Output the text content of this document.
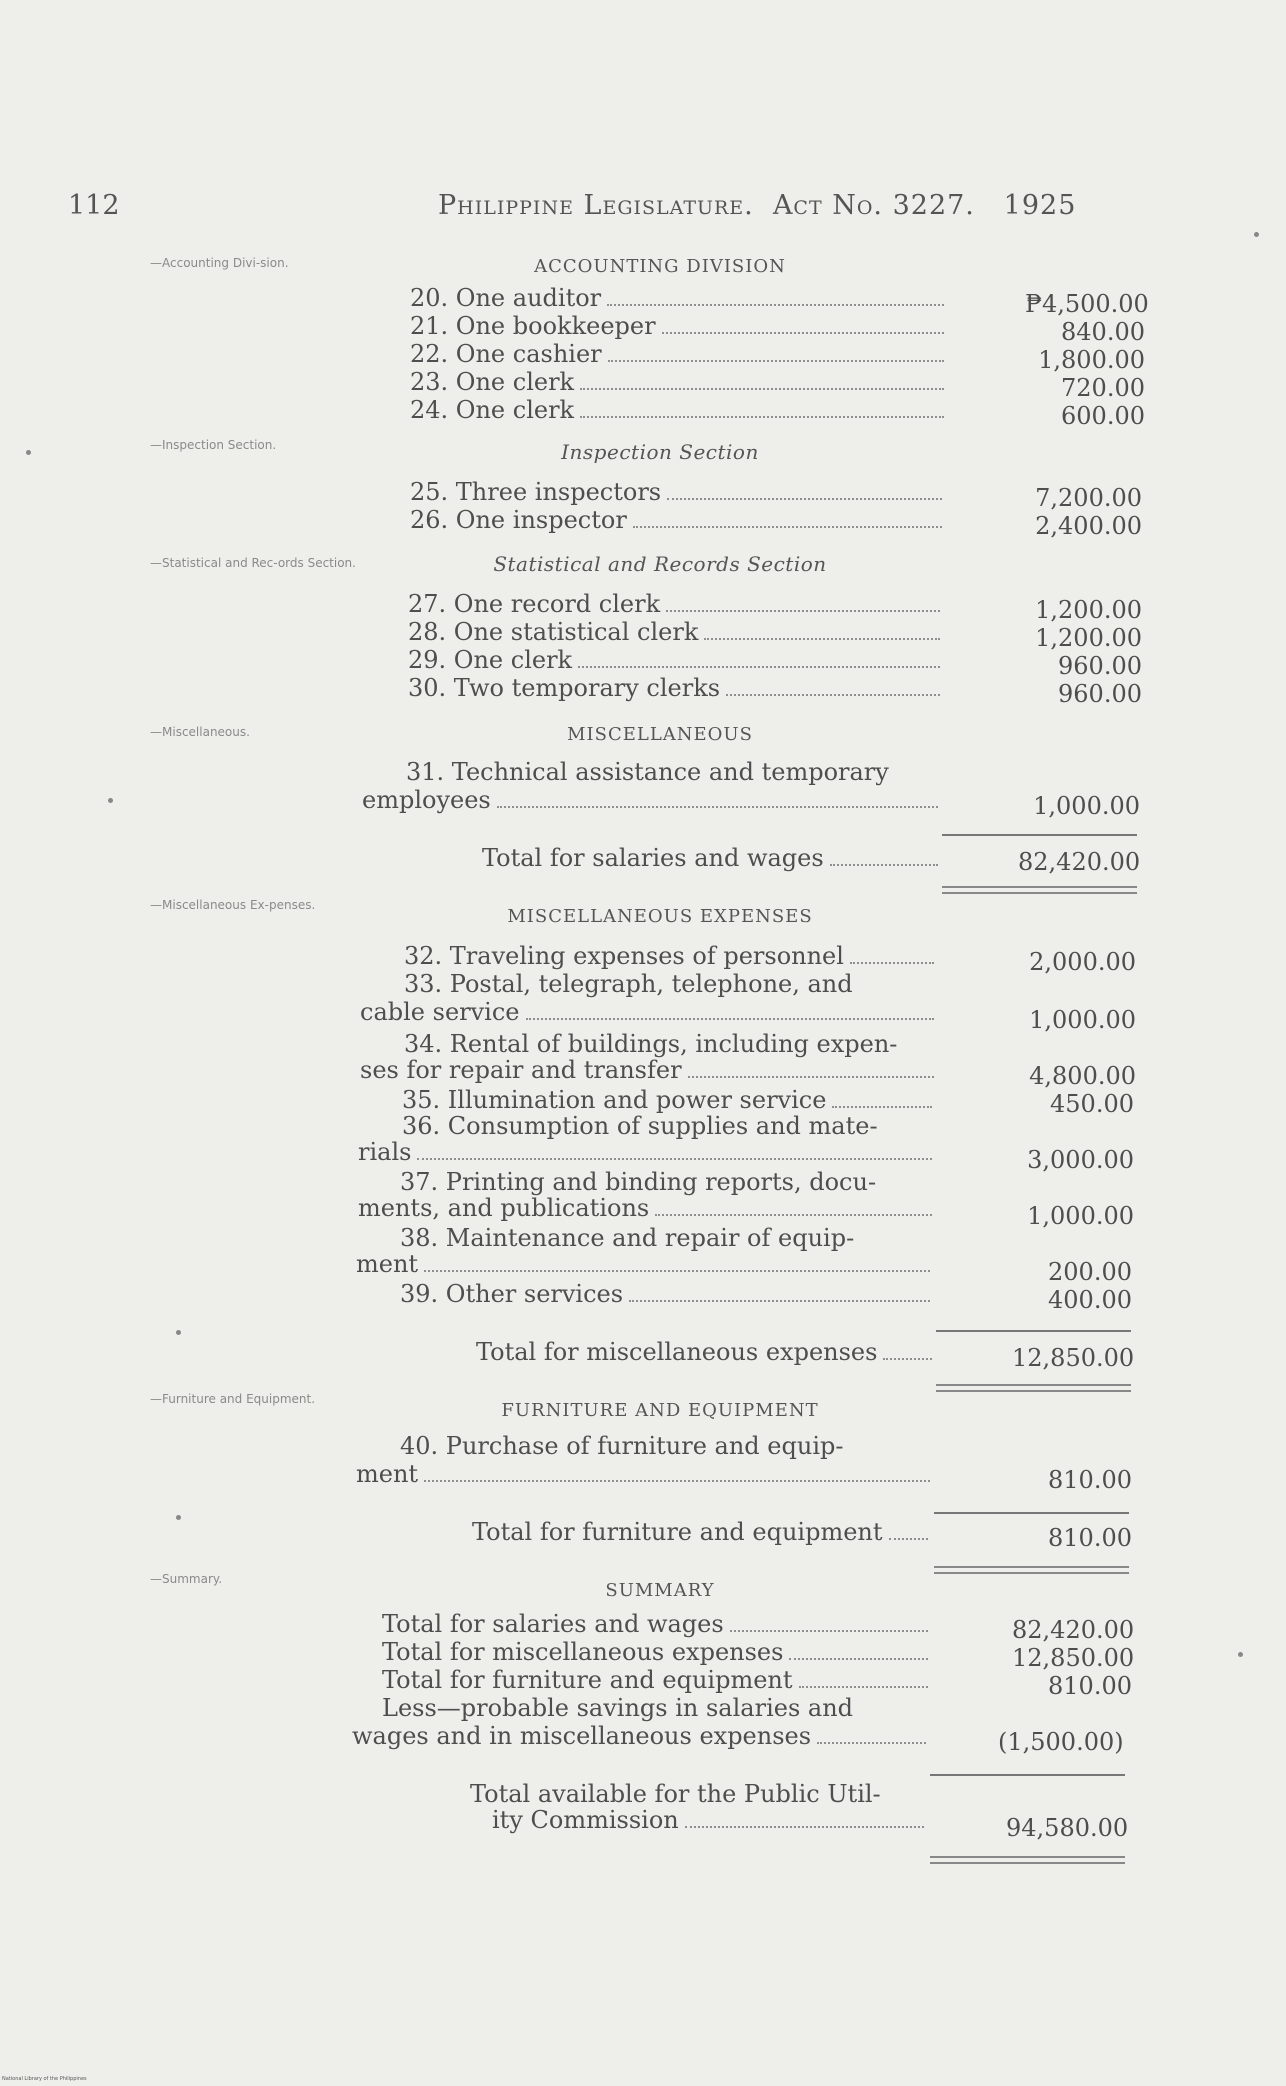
112	Philippine Legislature. Act No. 3227. 1925
—Accounting Divi-sion.
—Inspection Section.
—Statistical and Rec-ords Section.
—Miscellaneous.
—Miscellaneous Ex-penses.
—Furniture and Equipment.
—Summary.
ACCOUNTING DIVISION
20. One auditor	₱4,500.00
21. One bookkeeper	840.00
22. One cashier	1,800.00
23. One clerk	720.00
24. One clerk	600.00
Inspection Section
25. Three inspectors	7,200.00
26. One inspector	2,400.00
Statistical and Records Section
27. One record clerk	1,200.00
28. One statistical clerk	1,200.00
29. One clerk	960.00
30. Two temporary clerks	960.00
MISCELLANEOUS
31. Technical assistance and temporary
employees	1,000.00
Total for salaries and wages	82,420.00
MISCELLANEOUS EXPENSES
32. Traveling expenses of personnel	2,000.00
33. Postal, telegraph, telephone, and
cable service	1,000.00
34. Rental of buildings, including expen-
ses for repair and transfer	4,800.00
35. Illumination and power service	450.00
36. Consumption of supplies and mate-
rials	3,000.00
37. Printing and binding reports, docu-
ments, and publications	1,000.00
38. Maintenance and repair of equip-
ment	200.00
39. Other services	400.00
Total for miscellaneous expenses	12,850.00
FURNITURE AND EQUIPMENT
40. Purchase of furniture and equip-
ment	810.00
Total for furniture and equipment	810.00
SUMMARY
Total for salaries and wages	82,420.00
Total for miscellaneous expenses	12,850.00
Total for furniture and equipment	810.00
Less—probable savings in salaries and
wages and in miscellaneous expenses	(1,500.00)
Total available for the Public Util-
ity Commission	94,580.00
National Library of the Philippines
